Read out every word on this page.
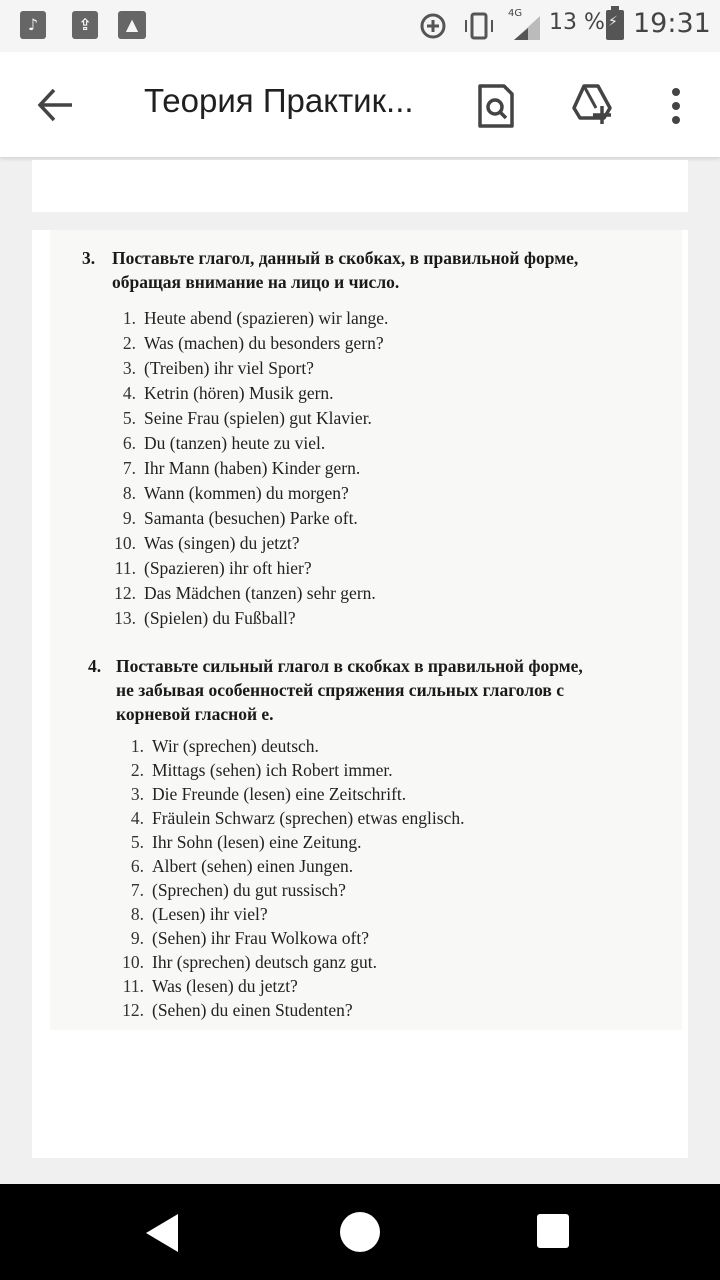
♪	⇪	▲
4G 13 %
⚡ 19:31
Теория Практик...
3. Поставьте глагол, данный в скобках, в правильной форме,
обращая внимание на лицо и число.
1. Heute abend (spazieren) wir lange.
2. Was (machen) du besonders gern?
3. (Treiben) ihr viel Sport?
4. Ketrin (hören) Musik gern.
5. Seine Frau (spielen) gut Klavier.
6. Du (tanzen) heute zu viel.
7. Ihr Mann (haben) Kinder gern.
8. Wann (kommen) du morgen?
9. Samanta (besuchen) Parke oft.
10. Was (singen) du jetzt?
11. (Spazieren) ihr oft hier?
12. Das Mädchen (tanzen) sehr gern.
13. (Spielen) du Fußball?
4. Поставьте сильный глагол в скобках в правильной форме,
не забывая особенностей спряжения сильных глаголов с
корневой гласной е.
1. Wir (sprechen) deutsch.
2. Mittags (sehen) ich Robert immer.
3. Die Freunde (lesen) eine Zeitschrift.
4. Fräulein Schwarz (sprechen) etwas englisch.
5. Ihr Sohn (lesen) eine Zeitung.
6. Albert (sehen) einen Jungen.
7. (Sprechen) du gut russisch?
8. (Lesen) ihr viel?
9. (Sehen) ihr Frau Wolkowa oft?
10. Ihr (sprechen) deutsch ganz gut.
11. Was (lesen) du jetzt?
12. (Sehen) du einen Studenten?
